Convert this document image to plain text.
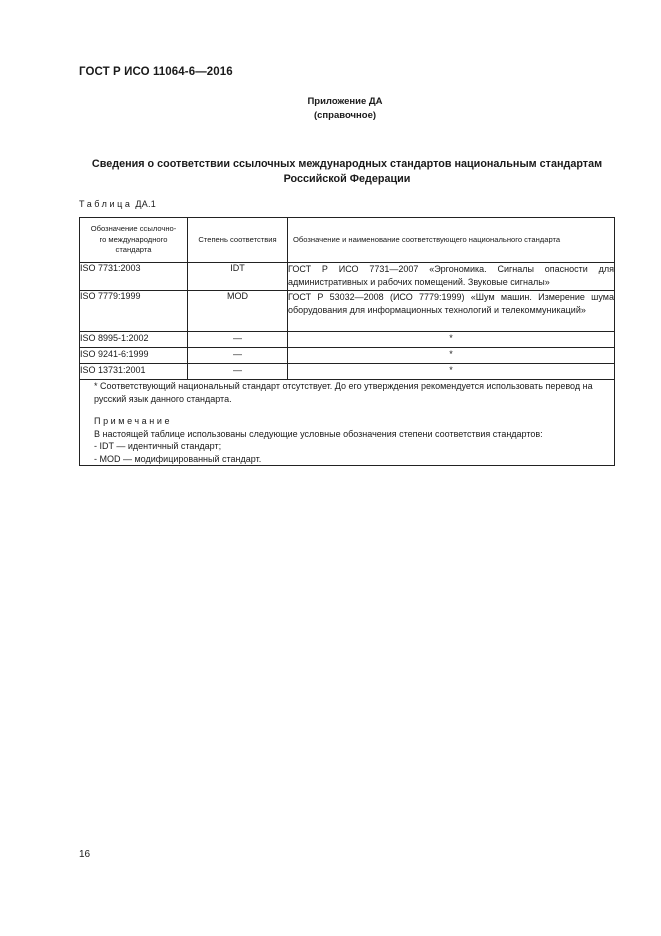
ГОСТ Р ИСО 11064-6—2016
Приложение ДА
(справочное)
Сведения о соответствии ссылочных международных стандартов национальным стандартам
Российской Федерации
Таблица ДА.1
Обозначение ссылочно-
го международного
стандарта	Степень соответствия	Обозначение и наименование соответствующего национального стандарта
ISO 7731:2003	IDT	ГОСТ Р ИСО 7731—2007 «Эргономика. Сигналы опасности для административных и рабочих помещений. Звуковые сигналы»
ISO 7779:1999	MOD	ГОСТ Р 53032—2008 (ИСО 7779:1999) «Шум машин. Измерение шума оборудования для информационных технологий и телекоммуникаций»
ISO 8995-1:2002	—	*
ISO 9241-6:1999	—	*
ISO 13731:2001	—	*

* Соответствующий национальный стандарт отсутствует. До его утверждения рекомендуется использовать перевод на русский язык данного стандарта.

Примечание

В настоящей таблице использованы следующие условные обозначения степени соответствия стандартов:

- IDT — идентичный стандарт;

- MOD — модифицированный стандарт.		

16
